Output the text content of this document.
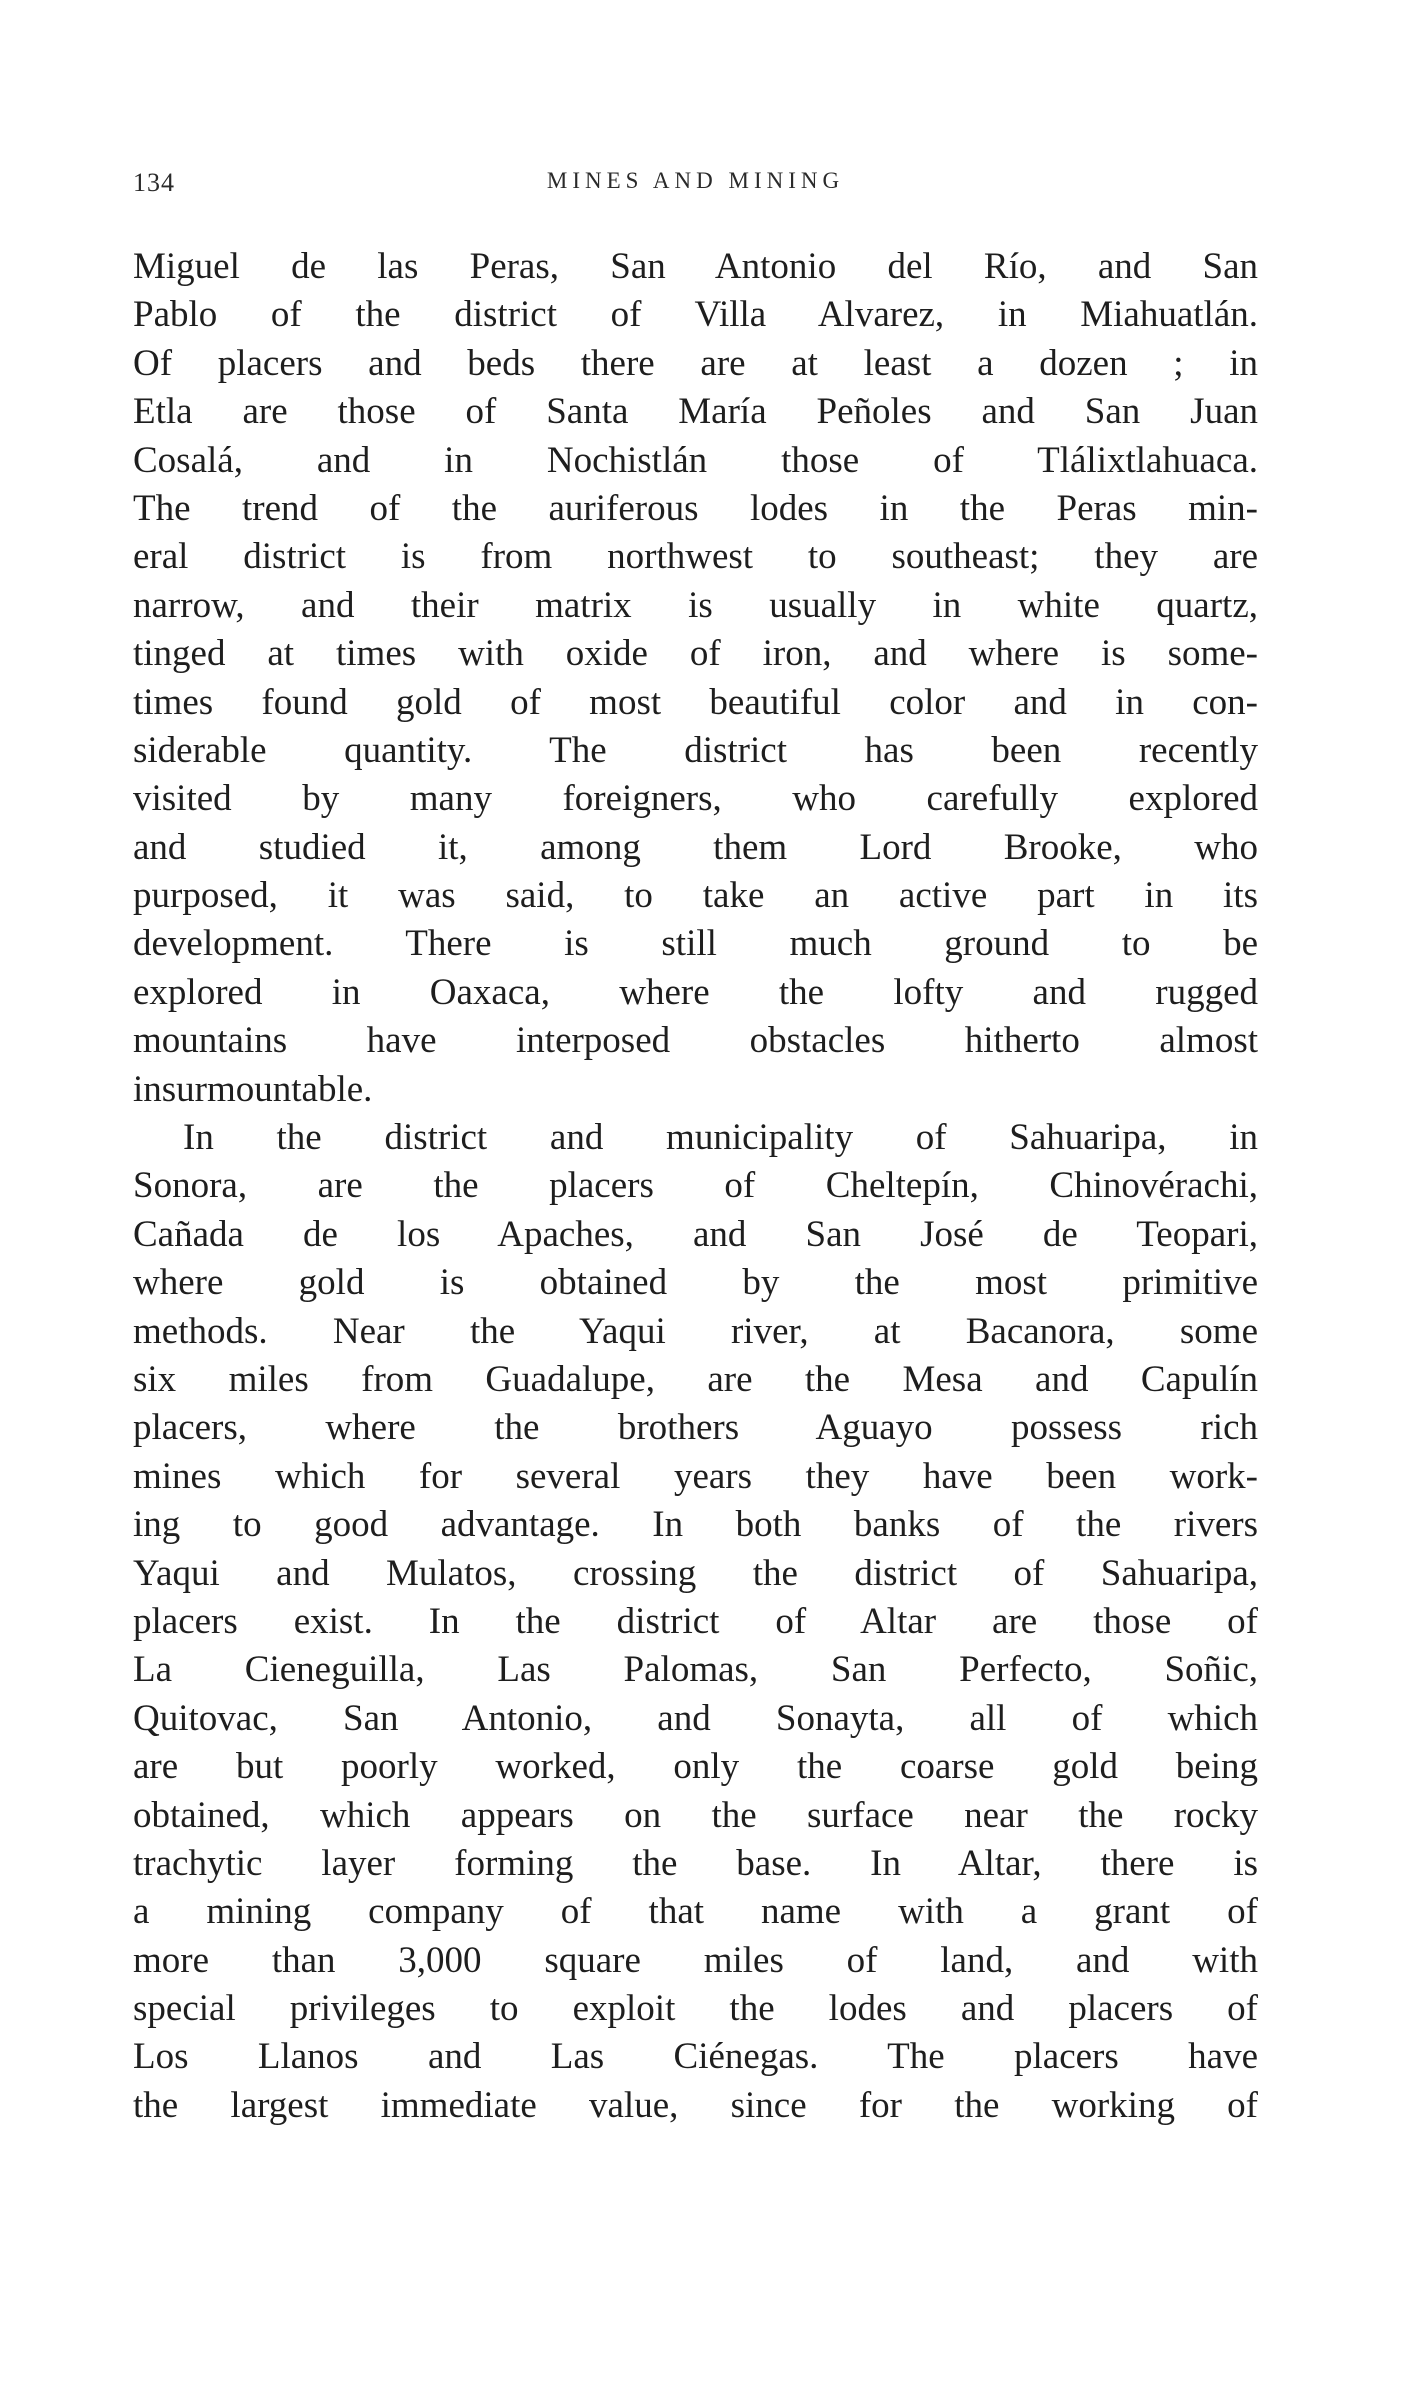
134	MINES AND MINING

Miguel de las Peras, San Antonio del Río, and San
Pablo of the district of Villa Alvarez, in Miahuatlán.
Of placers and beds there are at least a dozen ; in
Etla are those of Santa María Peñoles and San Juan
Cosalá, and in Nochistlán those of Tlálixtlahuaca.
The trend of the auriferous lodes in the Peras min-
eral district is from northwest to southeast; they are
narrow, and their matrix is usually in white quartz,
tinged at times with oxide of iron, and where is some-
times found gold of most beautiful color and in con-
siderable quantity. The district has been recently
visited by many foreigners, who carefully explored
and studied it, among them Lord Brooke, who
purposed, it was said, to take an active part in its
development. There is still much ground to be
explored in Oaxaca, where the lofty and rugged
mountains have interposed obstacles hitherto almost
insurmountable.

In the district and municipality of Sahuaripa, in
Sonora, are the placers of Cheltepín, Chinovérachi,
Cañada de los Apaches, and San José de Teopari,
where gold is obtained by the most primitive
methods. Near the Yaqui river, at Bacanora, some
six miles from Guadalupe, are the Mesa and Capulín
placers, where the brothers Aguayo possess rich
mines which for several years they have been work-
ing to good advantage. In both banks of the rivers
Yaqui and Mulatos, crossing the district of Sahuaripa,
placers exist. In the district of Altar are those of
La Cieneguilla, Las Palomas, San Perfecto, Soñic,
Quitovac, San Antonio, and Sonayta, all of which
are but poorly worked, only the coarse gold being
obtained, which appears on the surface near the rocky
trachytic layer forming the base. In Altar, there is
a mining company of that name with a grant of
more than 3,000 square miles of land, and with
special privileges to exploit the lodes and placers of
Los Llanos and Las Ciénegas. The placers have
the largest immediate value, since for the working of
